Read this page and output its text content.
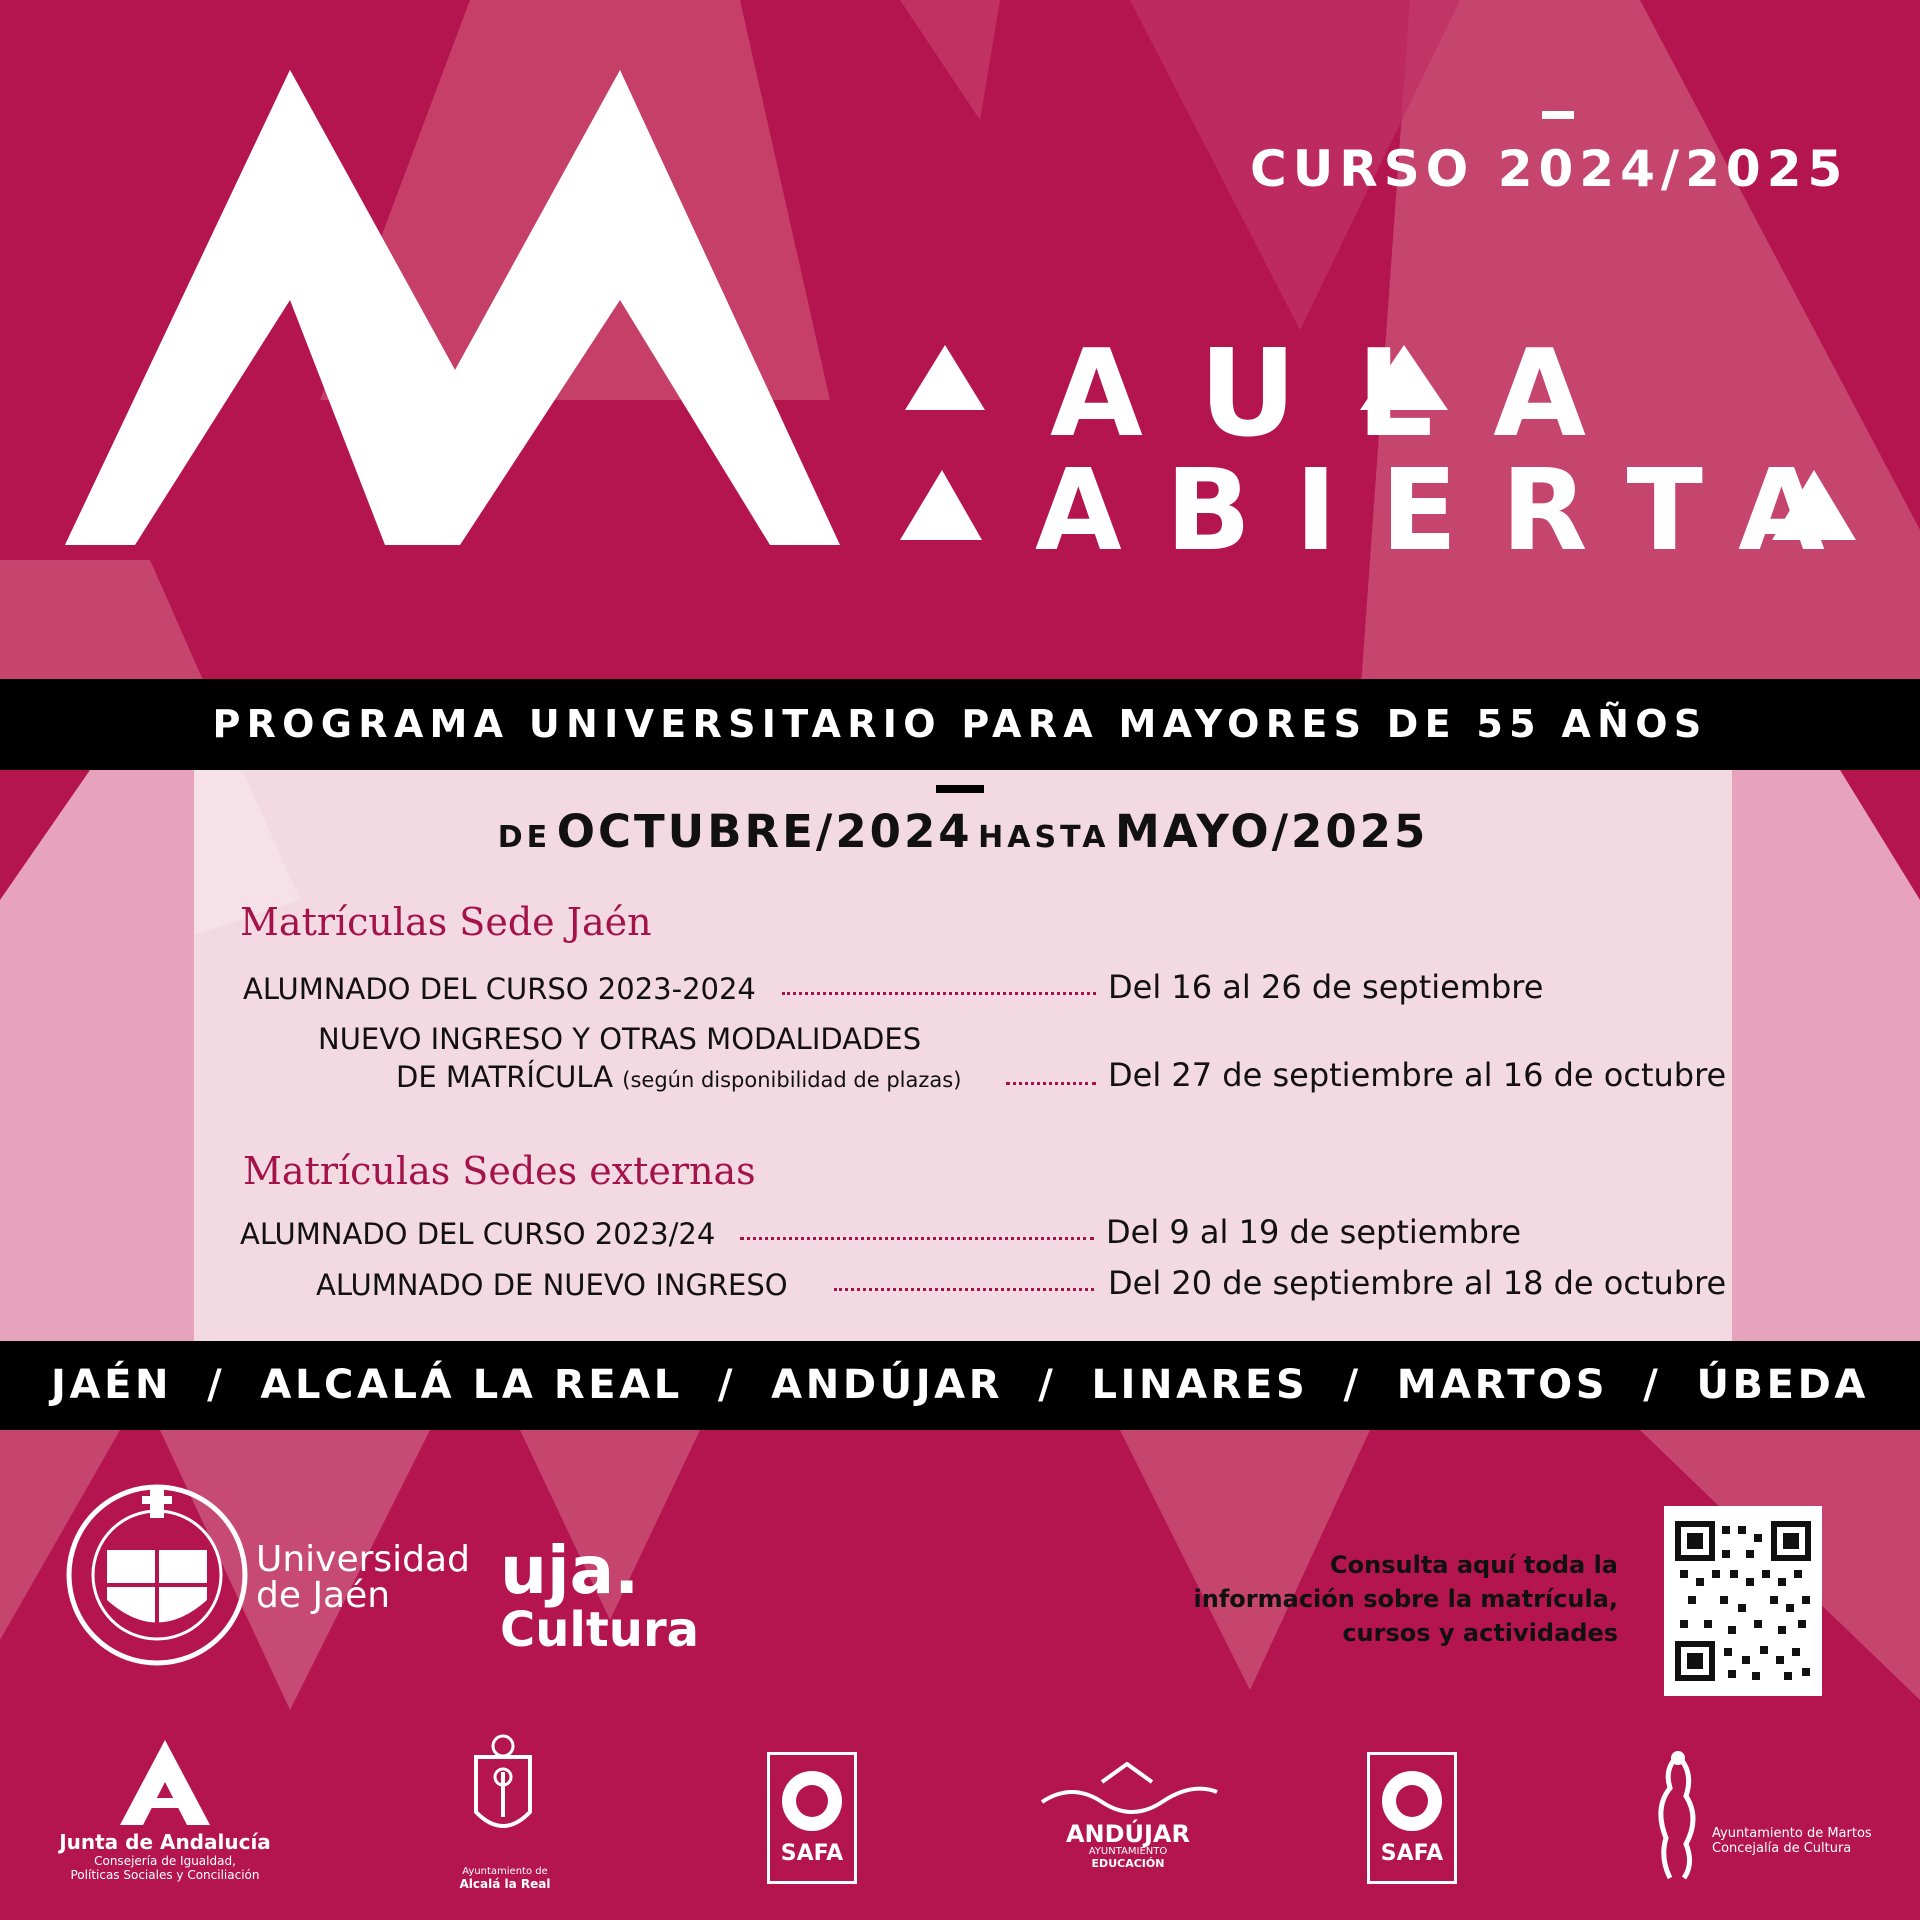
CURSO 2024/2025
AULA
ABIERTA
PROGRAMA UNIVERSITARIO PARA MAYORES DE 55 AÑOS
DE OCTUBRE/2024 HASTA MAYO/2025
Matrículas Sede Jaén
ALUMNADO DEL CURSO 2023-2024	Del 16 al 26 de septiembre
NUEVO INGRESO Y OTRAS MODALIDADES
DE MATRÍCULA (según disponibilidad de plazas)	Del 27 de septiembre al 16 de octubre
Matrículas Sedes externas
ALUMNADO DEL CURSO 2023/24	Del 9 al 19 de septiembre
ALUMNADO DE NUEVO INGRESO	Del 20 de septiembre al 18 de octubre
JAÉN  /  ALCALÁ LA REAL  /  ANDÚJAR  /  LINARES  /  MARTOS  /  ÚBEDA
Universidad
de Jaén	uja.
Cultura
Consulta aquí toda la
información sobre la matrícula,
cursos y actividades
Junta de Andalucía
Consejería de Igualdad,
Políticas Sociales y Conciliación	Ayuntamiento de
Alcalá la Real
SAFA
ANDÚJAR
AYUNTAMIENTO
EDUCACIÓN	SAFA
Ayuntamiento de Martos
Concejalía de Cultura
